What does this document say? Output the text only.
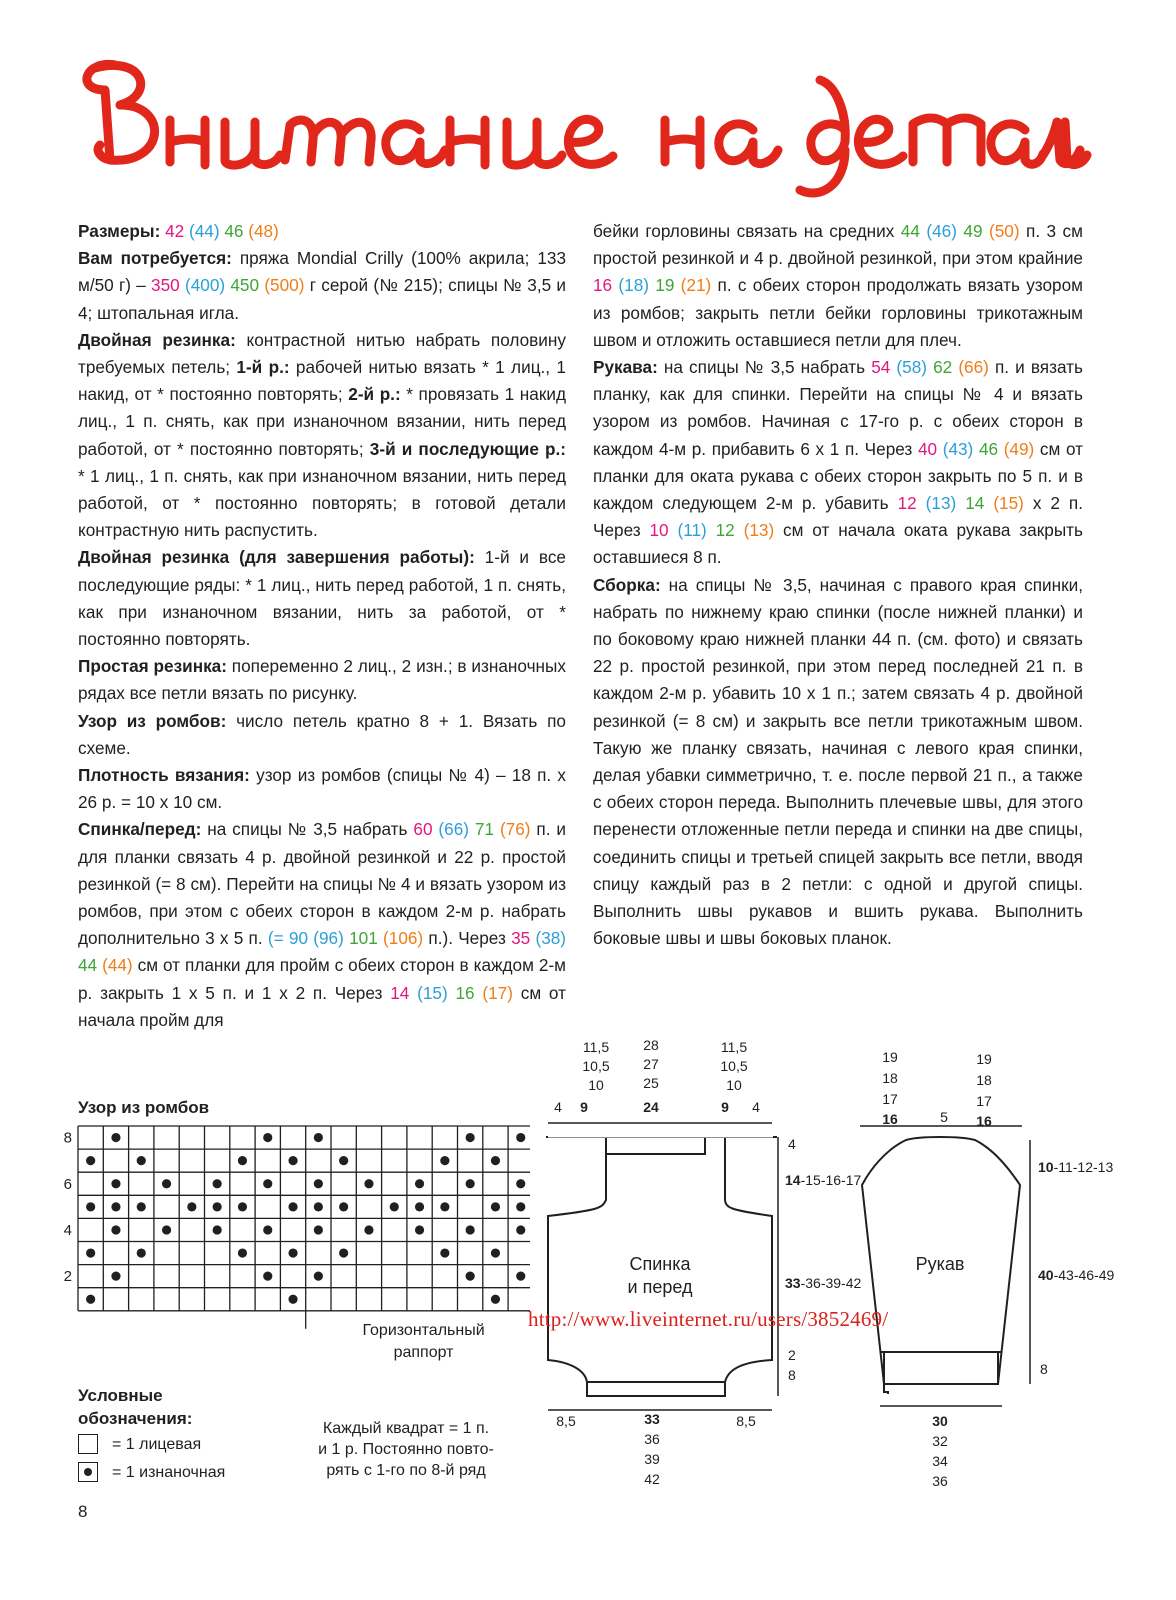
Размеры: 42 (44) 46 (48)

Вам потребуется: пряжа Mondial Crilly (100% акрила; 133 м/50 г) – 350 (400) 450 (500) г серой (№ 215); спицы № 3,5 и 4; штопальная игла.

Двойная резинка: контрастной нитью набрать половину требуемых петель; 1-й р.: рабочей нитью вязать * 1 лиц., 1 накид, от * постоянно повторять; 2-й р.: * провязать 1 накид лиц., 1 п. снять, как при изнаночном вязании, нить перед работой, от * постоянно повторять; 3-й и последующие р.: * 1 лиц., 1 п. снять, как при изнаночном вязании, нить перед работой, от * постоянно повторять; в готовой детали контрастную нить распустить.

Двойная резинка (для завершения работы): 1-й и все последующие ряды: * 1 лиц., нить перед работой, 1 п. снять, как при изнаночном вязании, нить за работой, от * постоянно повторять.

Простая резинка: попеременно 2 лиц., 2 изн.; в изнаночных рядах все петли вязать по рисунку.

Узор из ромбов: число петель кратно 8 + 1. Вязать по схеме.

Плотность вязания: узор из ромбов (спицы № 4) – 18 п. х 26 р. = 10 х 10 см.

Спинка/перед: на спицы № 3,5 набрать 60 (66) 71 (76) п. и для планки связать 4 р. двойной резинкой и 22 р. простой резинкой (= 8 см). Перейти на спицы № 4 и вязать узором из ромбов, при этом с обеих сторон в каждом 2-м р. набрать дополнительно 3 х 5 п. (= 90 (96) 101 (106) п.). Через 35 (38) 44 (44) см от планки для пройм с обеих сторон в каждом 2-м р. закрыть 1 х 5 п. и 1 х 2 п. Через 14 (15) 16 (17) см от начала пройм для

бейки горловины связать на средних 44 (46) 49 (50) п. 3 см простой резинкой и 4 р. двойной резинкой, при этом крайние 16 (18) 19 (21) п. с обеих сторон продолжать вязать узором из ромбов; закрыть петли бейки горловины трикотажным швом и отложить оставшиеся петли для плеч.

Рукава: на спицы № 3,5 набрать 54 (58) 62 (66) п. и вязать планку, как для спинки. Перейти на спицы № 4 и вязать узором из ромбов. Начиная с 17-го р. с обеих сторон в каждом 4-м р. прибавить 6 х 1 п. Через 40 (43) 46 (49) см от планки для оката рукава с обеих сторон закрыть по 5 п. и в каждом следующем 2-м р. убавить 12 (13) 14 (15) х 2 п. Через 10 (11) 12 (13) см от начала оката рукава закрыть оставшиеся 8 п.

Сборка: на спицы № 3,5, начиная с правого края спинки, набрать по нижнему краю спинки (после нижней планки) и по боковому краю нижней планки 44 п. (см. фото) и связать 22 р. простой резинкой, при этом перед последней 21 п. в каждом 2-м р. убавить 10 х 1 п.; затем связать 4 р. двойной резинкой (= 8 см) и закрыть все петли трикотажным швом. Такую же планку связать, начиная с левого края спинки, делая убавки симметрично, т. е. после первой 21 п., а также с обеих сторон переда. Выполнить плечевые швы, для этого перенести отложенные петли переда и спинки на две спицы, соединить спицы и третьей спицей закрыть все петли, вводя спицу каждый раз в 2 петли: с одной и другой спицы. Выполнить швы рукавов и вшить рукава. Выполнить боковые швы и швы боковых планок.

Узор из ромбов
2
4
6
8
Горизонтальный
раппорт
Условные
обозначения:
= 1 лицевая
= 1 изнаночная
Каждый квадрат = 1 п.
и 1 р. Постоянно повто-
рять с 1-го по 8-й ряд
Спинка
и перед
11,5
10,5
10
28
27
25
11,5
10,5
10
4 9	24	9 4
4
14-15-16-17
33-36-39-42
2
8
8,5	8,5
33
36
39
42
Рукав
19
18
17
16	5
19
18
17
16
10-11-12-13
40-43-46-49
8
30
32
34
36
http://www.liveinternet.ru/users/3852469/
8
